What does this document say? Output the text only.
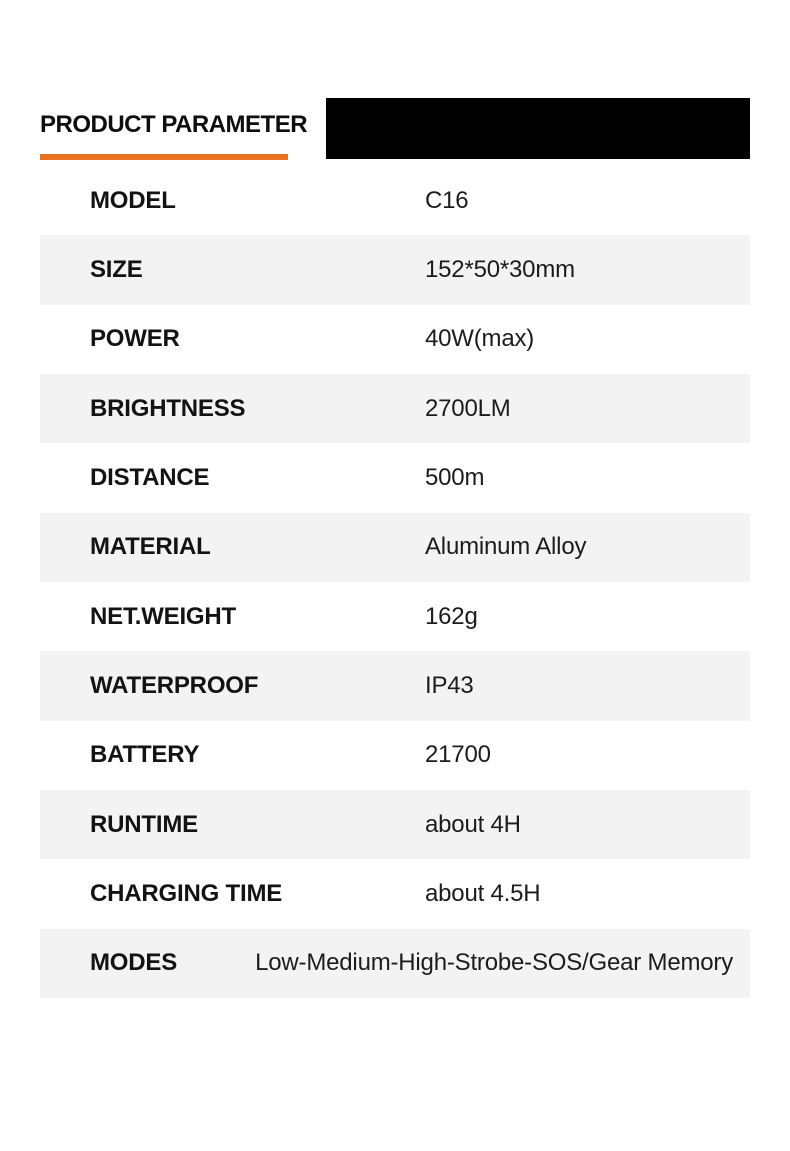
PRODUCT PARAMETER
MODEL	C16
SIZE	152*50*30mm
POWER	40W(max)
BRIGHTNESS	2700LM
DISTANCE	500m
MATERIAL	Aluminum Alloy
NET.WEIGHT	162g
WATERPROOF	IP43
BATTERY	21700
RUNTIME	about 4H
CHARGING TIME	about 4.5H
MODES	Low-Medium-High-Strobe-SOS/Gear Memory
